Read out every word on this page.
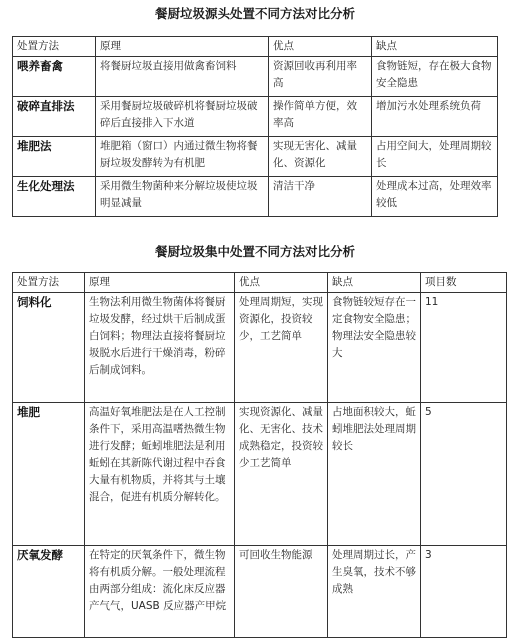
餐厨垃圾源头处置不同方法对比分析
处置方法	原理	优点	缺点
喂养畜禽	将餐厨垃圾直接用做禽畜饲料	资源回收再利用率高	食物链短，存在极大食物安全隐患
破碎直排法	采用餐厨垃圾破碎机将餐厨垃圾破碎后直接排入下水道	操作简单方便，效率高	增加污水处理系统负荷
堆肥法	堆肥箱（窗口）内通过微生物将餐厨垃圾发酵转为有机肥	实现无害化、减量化、资源化	占用空间大，处理周期较长
生化处理法	采用微生物菌种来分解垃圾使垃圾明显减量	清洁干净	处理成本过高，处理效率较低
餐厨垃圾集中处置不同方法对比分析
处置方法	原理	优点	缺点	项目数
饲料化	生物法利用微生物菌体将餐厨垃圾发酵，经过烘干后制成蛋白饲料；物理法直接将餐厨垃圾脱水后进行干燥消毒，粉碎后制成饲料。	处理周期短，实现资源化，投资较少，工艺简单	食物链较短存在一定食物安全隐患；物理法安全隐患较大	11
堆肥	高温好氧堆肥法是在人工控制条件下，采用高温嗜热微生物进行发酵；蚯蚓堆肥法是利用蚯蚓在其新陈代谢过程中吞食大量有机物质，并将其与土壤混合，促进有机质分解转化。	实现资源化、减量化、无害化、技术成熟稳定，投资较少工艺简单	占地面积较大，蚯蚓堆肥法处理周期较长	5
厌氧发酵	在特定的厌氧条件下，微生物将有机质分解。一般处理流程由两部分组成：流化床反应器产气气，UASB 反应器产甲烷	可回收生物能源	处理周期过长，产生臭氧，技术不够成熟	3
